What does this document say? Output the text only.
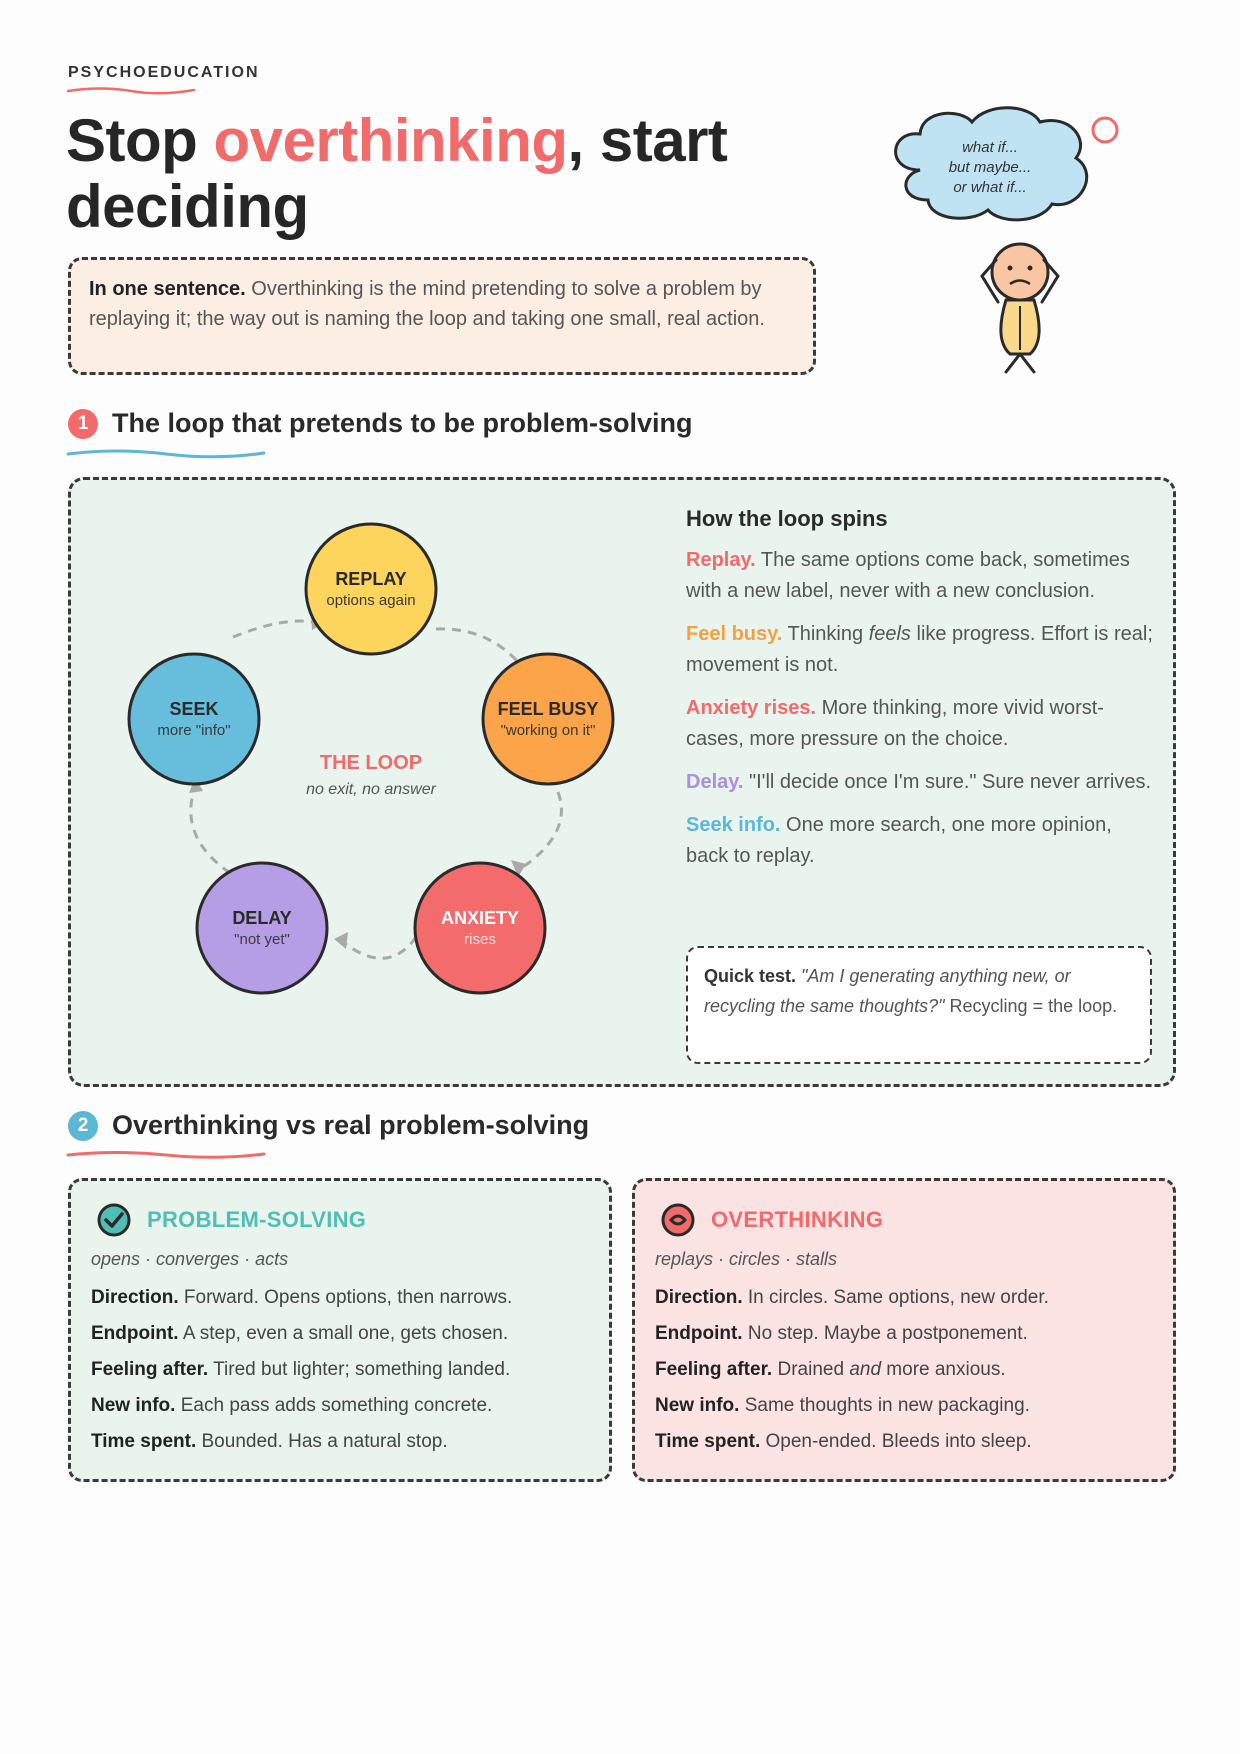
PSYCHOEDUCATION
Stop overthinking, start deciding
In one sentence. Overthinking is the mind pretending to solve a problem by replaying it; the way out is naming the loop and taking one small, real action.
what if...
but maybe...
or what if...
1 The loop that pretends to be problem-solving
REPLAY
options again
FEEL BUSY
"working on it"
ANXIETY
rises
DELAY
"not yet"
SEEK
more "info"
THE LOOP
no exit, no answer
How the loop spins

Replay. The same options come back, sometimes with a new label, never with a new conclusion.

Feel busy. Thinking feels like progress. Effort is real; movement is not.

Anxiety rises. More thinking, more vivid worst-cases, more pressure on the choice.

Delay. "I'll decide once I'm sure." Sure never arrives.

Seek info. One more search, one more opinion, back to replay.

Quick test. "Am I generating anything new, or recycling the same thoughts?" Recycling = the loop.
2 Overthinking vs real problem-solving
PROBLEM-SOLVING
opens · converges · acts
Direction. Forward. Opens options, then narrows.
Endpoint. A step, even a small one, gets chosen.
Feeling after. Tired but lighter; something landed.
New info. Each pass adds something concrete.
Time spent. Bounded. Has a natural stop.
OVERTHINKING
replays · circles · stalls
Direction. In circles. Same options, new order.
Endpoint. No step. Maybe a postponement.
Feeling after. Drained and more anxious.
New info. Same thoughts in new packaging.
Time spent. Open-ended. Bleeds into sleep.
